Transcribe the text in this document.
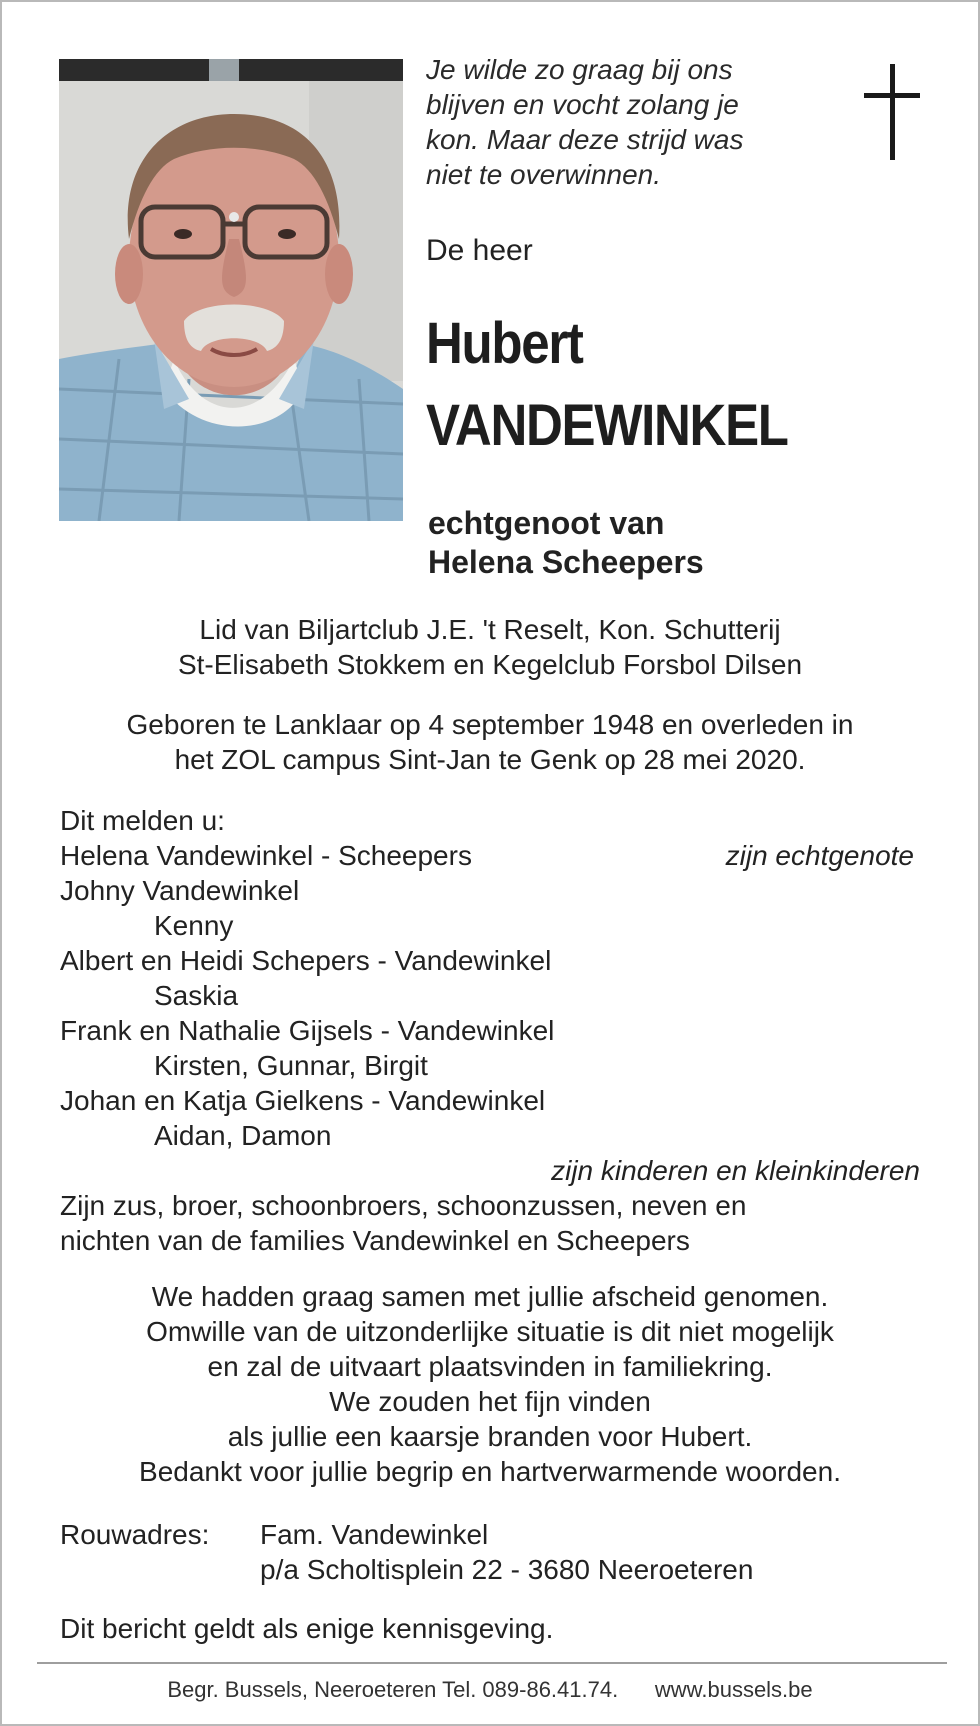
Je wilde zo graag bij ons
blijven en vocht zolang je
kon. Maar deze strijd was
niet te overwinnen.
De heer
Hubert
VANDEWINKEL
echtgenoot van
Helena Scheepers
Lid van Biljartclub J.E. 't Reselt, Kon. Schutterij
St-Elisabeth Stokkem en Kegelclub Forsbol Dilsen
Geboren te Lanklaar op 4 september 1948 en overleden in
het ZOL campus Sint-Jan te Genk op 28 mei 2020.
Dit melden u:
Helena Vandewinkel - Scheepers	zijn echtgenote
Johny Vandewinkel
Kenny
Albert en Heidi Schepers - Vandewinkel
Saskia
Frank en Nathalie Gijsels - Vandewinkel
Kirsten, Gunnar, Birgit
Johan en Katja Gielkens - Vandewinkel
Aidan, Damon
zijn kinderen en kleinkinderen
Zijn zus, broer, schoonbroers, schoonzussen, neven en
nichten van de families Vandewinkel en Scheepers
We hadden graag samen met jullie afscheid genomen.
Omwille van de uitzonderlijke situatie is dit niet mogelijk
en zal de uitvaart plaatsvinden in familiekring.
We zouden het fijn vinden
als jullie een kaarsje branden voor Hubert.
Bedankt voor jullie begrip en hartverwarmende woorden.
Rouwadres: Fam. Vandewinkel
p/a Scholtisplein 22 - 3680 Neeroeteren
Dit bericht geldt als enige kennisgeving.
Begr. Bussels, Neeroeteren Tel. 089-86.41.74. www.bussels.be
